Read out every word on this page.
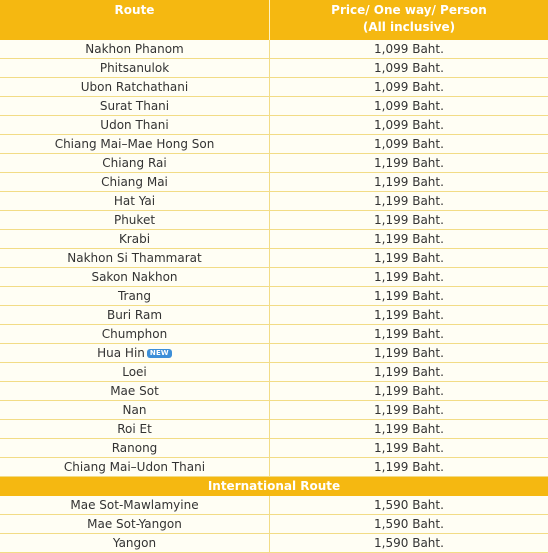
Route	Price/ One way/ Person
(All inclusive)
Nakhon Phanom	1,099 Baht.
Phitsanulok	1,099 Baht.
Ubon Ratchathani	1,099 Baht.
Surat Thani	1,099 Baht.
Udon Thani	1,099 Baht.
Chiang Mai–Mae Hong Son	1,099 Baht.
Chiang Rai	1,199 Baht.
Chiang Mai	1,199 Baht.
Hat Yai	1,199 Baht.
Phuket	1,199 Baht.
Krabi	1,199 Baht.
Nakhon Si Thammarat	1,199 Baht.
Sakon Nakhon	1,199 Baht.
Trang	1,199 Baht.
Buri Ram	1,199 Baht.
Chumphon	1,199 Baht.
Hua Hin NEW	1,199 Baht.
Loei	1,199 Baht.
Mae Sot	1,199 Baht.
Nan	1,199 Baht.
Roi Et	1,199 Baht.
Ranong	1,199 Baht.
Chiang Mai–Udon Thani	1,199 Baht.
International Route	
Mae Sot-Mawlamyine	1,590 Baht.
Mae Sot-Yangon	1,590 Baht.
Yangon	1,590 Baht.
